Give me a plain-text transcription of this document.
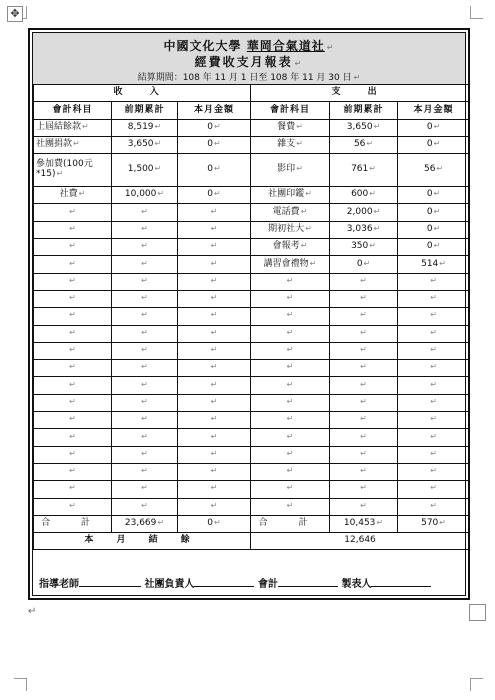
✥
中國文化大學 華岡合氣道社 ↵
經費收支月報表 ↵
結算期間：108 年 11 月 1 日至 108 年 11 月 30 日 ↵
收 入			支 出		
會計科目	前期累計	本月金額	會計科目	前期累計	本月金額
上屆結餘款↵	8,519↵	0↵	餐費↵	3,650↵	0↵
社團捐款↵	3,650↵	0↵	雜支↵	56↵	0↵
參加費(100元*15)↵	1,500↵	0↵	影印↵	761↵	56↵
社費↵	10,000↵	0↵	社團印鑑↵	600↵	0↵
↵	↵	↵	電話費↵	2,000↵	0↵
↵	↵	↵	期初社大↵	3,036↵	0↵
↵	↵	↵	會報考↵	350↵	0↵
↵	↵	↵	講習會禮物↵	0↵	514↵
↵	↵	↵	↵	↵	↵
↵	↵	↵	↵	↵	↵
↵	↵	↵	↵	↵	↵
↵	↵	↵	↵	↵	↵
↵	↵	↵	↵	↵	↵
↵	↵	↵	↵	↵	↵
↵	↵	↵	↵	↵	↵
↵	↵	↵	↵	↵	↵
↵	↵	↵	↵	↵	↵
↵	↵	↵	↵	↵	↵
↵	↵	↵	↵	↵	↵
↵	↵	↵	↵	↵	↵
↵	↵	↵	↵	↵	↵
↵	↵	↵	↵	↵	↵
合 計	23,669↵	0↵	合 計	10,453↵	570↵
本 月 結 餘			12,646		
指導老師	社團負責人	會計	製表人
↵
